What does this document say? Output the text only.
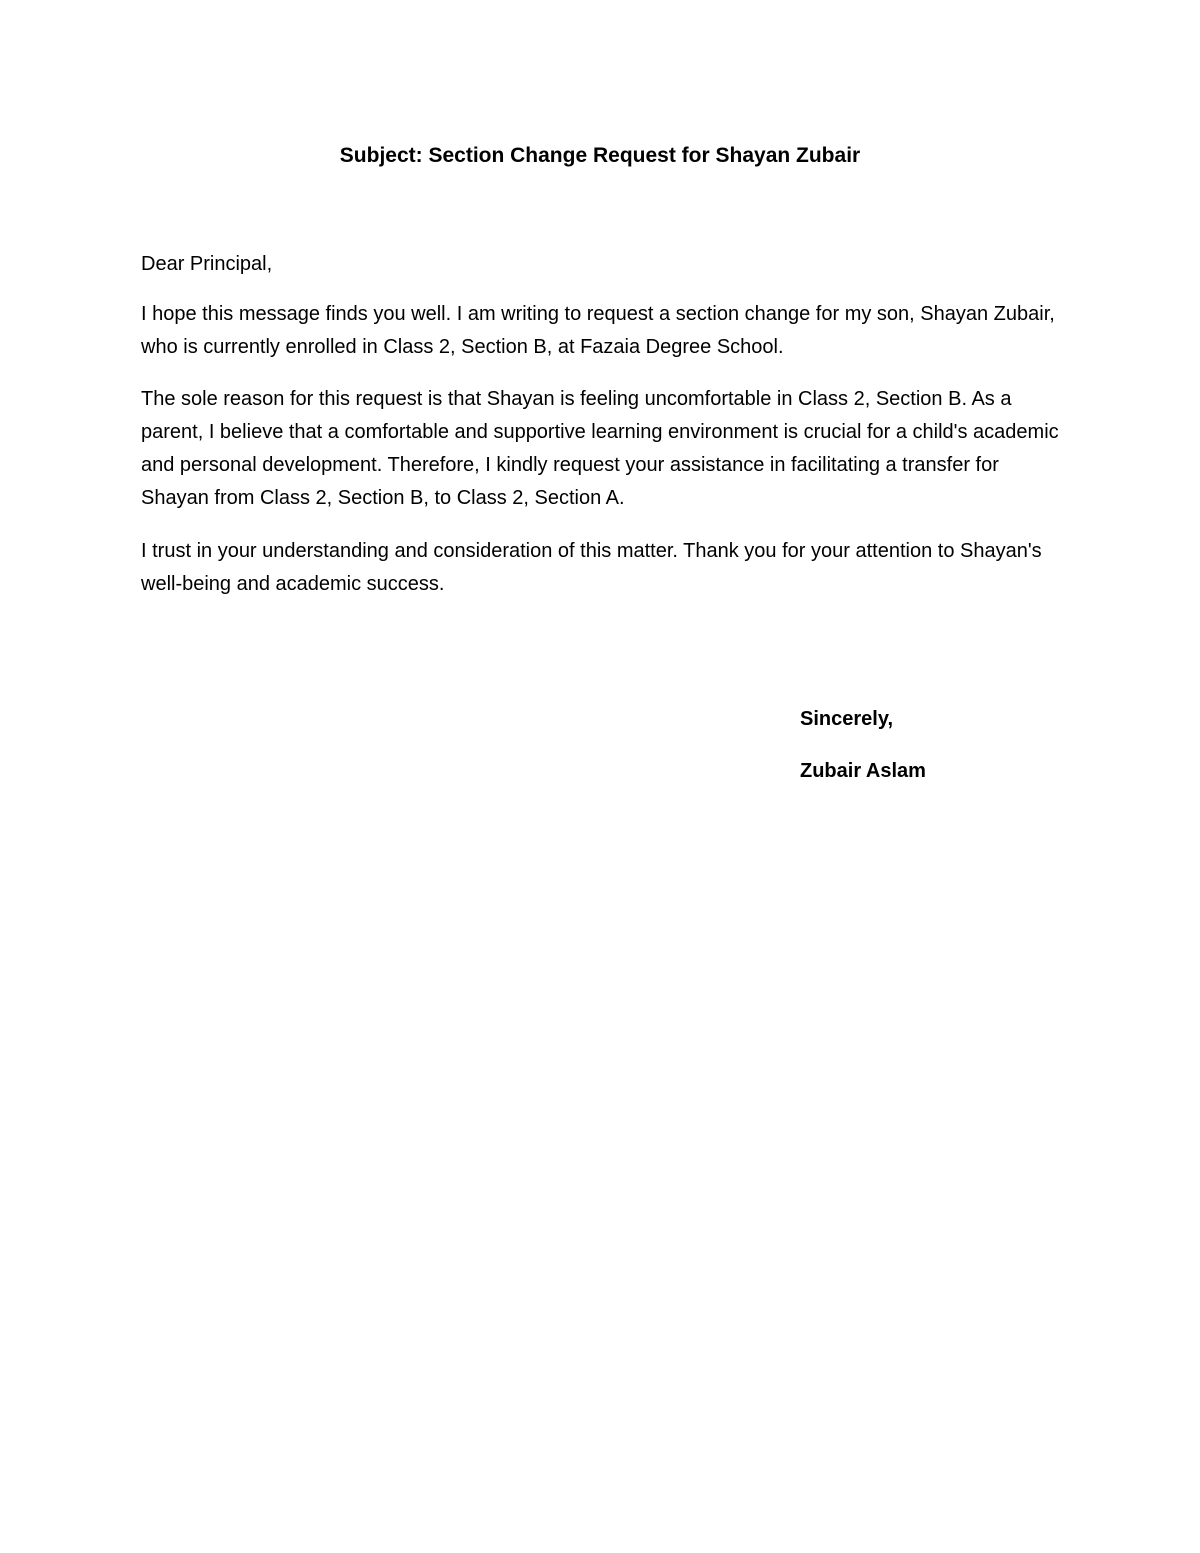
Subject: Section Change Request for Shayan Zubair

Dear Principal,

I hope this message finds you well. I am writing to request a section change for my son, Shayan Zubair, who is currently enrolled in Class 2, Section B, at Fazaia Degree School.

The sole reason for this request is that Shayan is feeling uncomfortable in Class 2, Section B. As a parent, I believe that a comfortable and supportive learning environment is crucial for a child's academic and personal development. Therefore, I kindly request your assistance in facilitating a transfer for Shayan from Class 2, Section B, to Class 2, Section A.

I trust in your understanding and consideration of this matter. Thank you for your attention to Shayan's well-being and academic success.

Sincerely,

Zubair Aslam
